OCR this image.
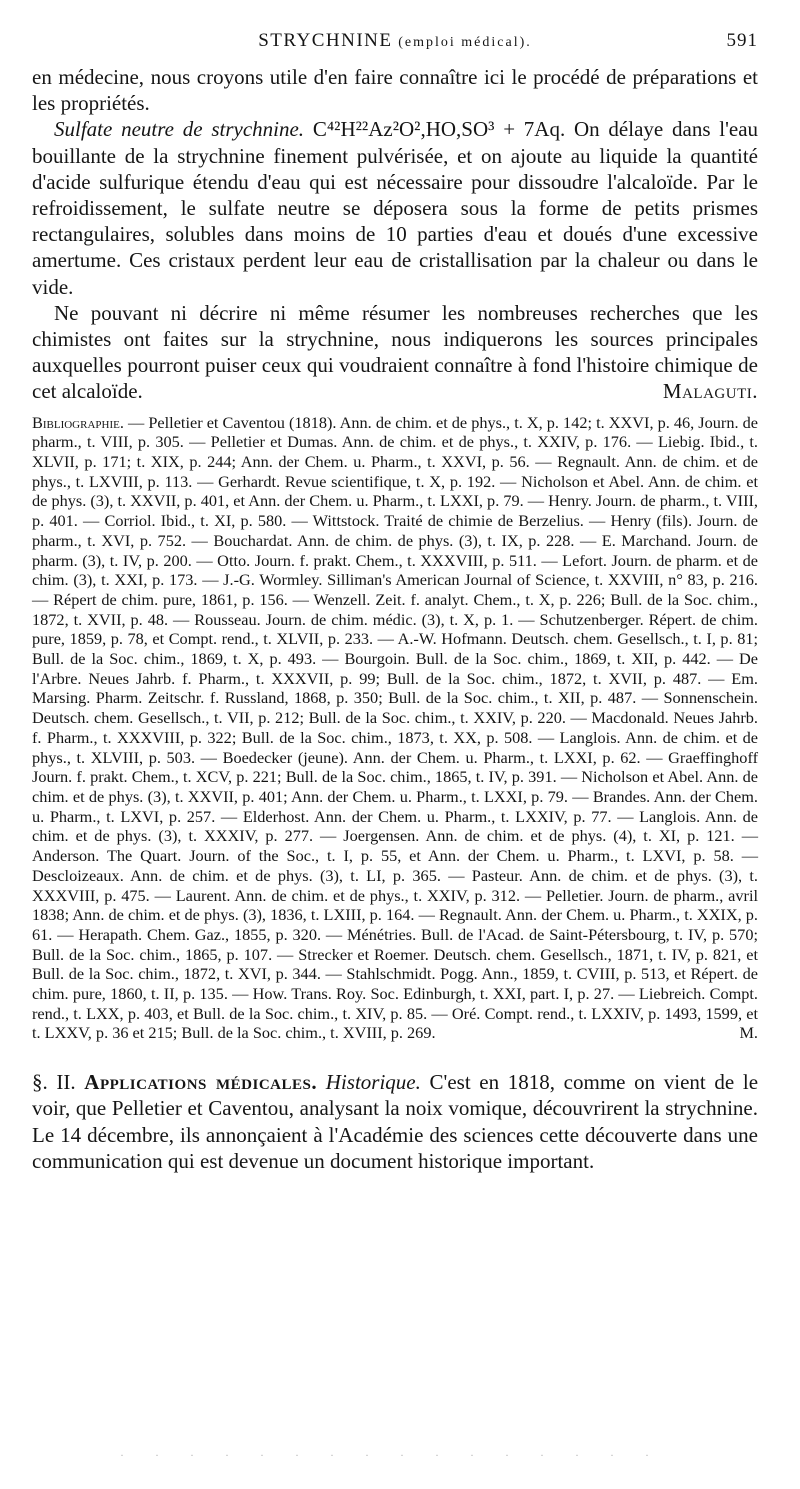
STRYCHNINE (emploi médical).	591

en médecine, nous croyons utile d'en faire connaître ici le procédé de préparations et les propriétés.

Sulfate neutre de strychnine. C⁴²H²²Az²O²,HO,SO³ + 7Aq. On délaye dans l'eau bouillante de la strychnine finement pulvérisée, et on ajoute au liquide la quantité d'acide sulfurique étendu d'eau qui est nécessaire pour dissoudre l'alcaloïde. Par le refroidissement, le sulfate neutre se déposera sous la forme de petits prismes rectangulaires, solubles dans moins de 10 parties d'eau et doués d'une excessive amertume. Ces cristaux perdent leur eau de cristallisation par la chaleur ou dans le vide.

Ne pouvant ni décrire ni même résumer les nombreuses recherches que les chimistes ont faites sur la strychnine, nous indiquerons les sources principales auxquelles pourront puiser ceux qui voudraient connaître à fond l'histoire chimique de cet alcaloïde.	Malaguti.

Bibliographie. — Pelletier et Caventou (1818). Ann. de chim. et de phys., t. X, p. 142; t. XXVI, p. 46, Journ. de pharm., t. VIII, p. 305. — Pelletier et Dumas. Ann. de chim. et de phys., t. XXIV, p. 176. — Liebig. Ibid., t. XLVII, p. 171; t. XIX, p. 244; Ann. der Chem. u. Pharm., t. XXVI, p. 56. — Regnault. Ann. de chim. et de phys., t. LXVIII, p. 113. — Gerhardt. Revue scientifique, t. X, p. 192. — Nicholson et Abel. Ann. de chim. et de phys. (3), t. XXVII, p. 401, et Ann. der Chem. u. Pharm., t. LXXI, p. 79. — Henry. Journ. de pharm., t. VIII, p. 401. — Corriol. Ibid., t. XI, p. 580. — Wittstock. Traité de chimie de Berzelius. — Henry (fils). Journ. de pharm., t. XVI, p. 752. — Bouchardat. Ann. de chim. de phys. (3), t. IX, p. 228. — E. Marchand. Journ. de pharm. (3), t. IV, p. 200. — Otto. Journ. f. prakt. Chem., t. XXXVIII, p. 511. — Lefort. Journ. de pharm. et de chim. (3), t. XXI, p. 173. — J.-G. Wormley. Silliman's American Journal of Science, t. XXVIII, n° 83, p. 216. — Répert de chim. pure, 1861, p. 156. — Wenzell. Zeit. f. analyt. Chem., t. X, p. 226; Bull. de la Soc. chim., 1872, t. XVII, p. 48. — Rousseau. Journ. de chim. médic. (3), t. X, p. 1. — Schutzenberger. Répert. de chim. pure, 1859, p. 78, et Compt. rend., t. XLVII, p. 233. — A.-W. Hofmann. Deutsch. chem. Gesellsch., t. I, p. 81; Bull. de la Soc. chim., 1869, t. X, p. 493. — Bourgoin. Bull. de la Soc. chim., 1869, t. XII, p. 442. — De l'Arbre. Neues Jahrb. f. Pharm., t. XXXVII, p. 99; Bull. de la Soc. chim., 1872, t. XVII, p. 487. — Em. Marsing. Pharm. Zeitschr. f. Russland, 1868, p. 350; Bull. de la Soc. chim., t. XII, p. 487. — Sonnenschein. Deutsch. chem. Gesellsch., t. VII, p. 212; Bull. de la Soc. chim., t. XXIV, p. 220. — Macdonald. Neues Jahrb. f. Pharm., t. XXXVIII, p. 322; Bull. de la Soc. chim., 1873, t. XX, p. 508. — Langlois. Ann. de chim. et de phys., t. XLVIII, p. 503. — Boedecker (jeune). Ann. der Chem. u. Pharm., t. LXXI, p. 62. — Graeffinghoff Journ. f. prakt. Chem., t. XCV, p. 221; Bull. de la Soc. chim., 1865, t. IV, p. 391. — Nicholson et Abel. Ann. de chim. et de phys. (3), t. XXVII, p. 401; Ann. der Chem. u. Pharm., t. LXXI, p. 79. — Brandes. Ann. der Chem. u. Pharm., t. LXVI, p. 257. — Elderhost. Ann. der Chem. u. Pharm., t. LXXIV, p. 77. — Langlois. Ann. de chim. et de phys. (3), t. XXXIV, p. 277. — Joergensen. Ann. de chim. et de phys. (4), t. XI, p. 121. — Anderson. The Quart. Journ. of the Soc., t. I, p. 55, et Ann. der Chem. u. Pharm., t. LXVI, p. 58. — Descloizeaux. Ann. de chim. et de phys. (3), t. LI, p. 365. — Pasteur. Ann. de chim. et de phys. (3), t. XXXVIII, p. 475. — Laurent. Ann. de chim. et de phys., t. XXIV, p. 312. — Pelletier. Journ. de pharm., avril 1838; Ann. de chim. et de phys. (3), 1836, t. LXIII, p. 164. — Regnault. Ann. der Chem. u. Pharm., t. XXIX, p. 61. — Herapath. Chem. Gaz., 1855, p. 320. — Ménétries. Bull. de l'Acad. de Saint-Pétersbourg, t. IV, p. 570; Bull. de la Soc. chim., 1865, p. 107. — Strecker et Roemer. Deutsch. chem. Gesellsch., 1871, t. IV, p. 821, et Bull. de la Soc. chim., 1872, t. XVI, p. 344. — Stahlschmidt. Pogg. Ann., 1859, t. CVIII, p. 513, et Répert. de chim. pure, 1860, t. II, p. 135. — How. Trans. Roy. Soc. Edinburgh, t. XXI, part. I, p. 27. — Liebreich. Compt. rend., t. LXX, p. 403, et Bull. de la Soc. chim., t. XIV, p. 85. — Oré. Compt. rend., t. LXXIV, p. 1493, 1599, et t. LXXV, p. 36 et 215; Bull. de la Soc. chim., t. XVIII, p. 269.	M.
§. II. Applications médicales. Historique. C'est en 1818, comme on vient de le voir, que Pelletier et Caventou, analysant la noix vomique, découvrirent la strychnine. Le 14 décembre, ils annonçaient à l'Académie des sciences cette découverte dans une communication qui est devenue un document historique important.
· · · · · · · · · · · · · · · ·
